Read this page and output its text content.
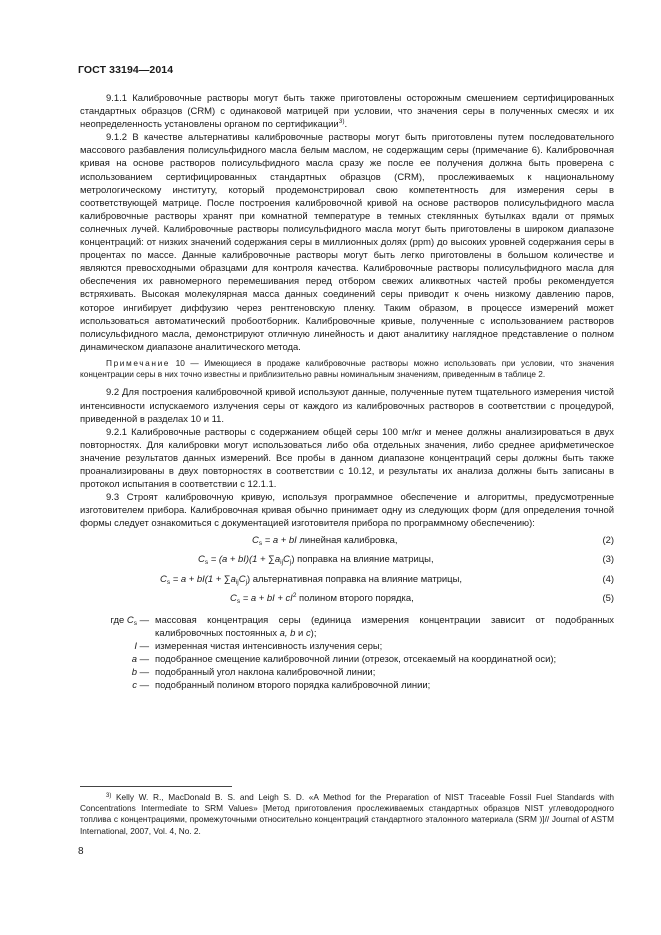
ГОСТ 33194—2014

9.1.1 Калибровочные растворы могут быть также приготовлены осторожным смешением сертифицированных стандартных образцов (CRM) с одинаковой матрицей при условии, что значения серы в полученных смесях и их неопределенность установлены органом по сертификации$^{3)}$.

9.1.2 В качестве альтернативы калибровочные растворы могут быть приготовлены путем последовательного массового разбавления полисульфидного масла белым маслом, не содержащим серы (примечание 6). Калибровочная кривая на основе растворов полисульфидного масла сразу же после ее получения должна быть проверена с использованием сертифицированных стандартных образцов (CRM), прослеживаемых к национальному метрологическому институту, который продемонстрировал свою компетентность для измерения серы в соответствующей матрице. После построения калибровочной кривой на основе растворов полисульфидного масла калибровочные растворы хранят при комнатной температуре в темных стеклянных бутылках вдали от прямых солнечных лучей. Калибровочные растворы полисульфидного масла могут быть приготовлены в широком диапазоне концентраций: от низких значений содержания серы в миллионных долях (ppm) до высоких уровней содержания серы в процентах по массе. Данные калибровочные растворы могут быть легко приготовлены в большом количестве и являются превосходными образцами для контроля качества. Калибровочные растворы полисульфидного масла для обеспечения их равномерного перемешивания перед отбором свежих аликвотных частей пробы рекомендуется встряхивать. Высокая молекулярная масса данных соединений серы приводит к очень низкому давлению паров, которое ингибирует диффузию через рентгеновскую пленку. Таким образом, в процессе измерений может использоваться автоматический пробоотборник. Калибровочные кривые, полученные с использованием растворов полисульфидного масла, демонстрируют отличную линейность и дают аналитику наглядное представление о полном динамическом диапазоне аналитического метода.

Примечание 10 — Имеющиеся в продаже калибровочные растворы можно использовать при условии, что значения концентрации серы в них точно известны и приблизительно равны номинальным значениям, приведенным в таблице 2.

9.2 Для построения калибровочной кривой используют данные, полученные путем тщательного измерения чистой интенсивности испускаемого излучения серы от каждого из калибровочных растворов в соответствии с процедурой, приведенной в разделах 10 и 11.

9.2.1 Калибровочные растворы с содержанием общей серы 100 мг/кг и менее должны анализироваться в двух повторностях. Для калибровки могут использоваться либо оба отдельных значения, либо среднее арифметическое значение результатов данных измерений. Все пробы в данном диапазоне концентраций серы должны быть также проанализированы в двух повторностях в соответствии с 10.12, и результаты их анализа должны быть записаны в протокол испытания в соответствии с 12.1.1.

9.3 Строят калибровочную кривую, используя программное обеспечение и алгоритмы, предусмотренные изготовителем прибора. Калибровочная кривая обычно принимает одну из следующих форм (для определения точной формы следует ознакомиться с документацией изготовителя прибора по программному обеспечению):

$C_s = a$ + bI линейная калибровка,	(2)
$C_s = (a + bI)(1 + \sum a_{ij}C_j)$ поправка на влияние матрицы,	(3)
$C_s = a + bI(1 + \sum a_{ij}C_j)$ альтернативная поправка на влияние матрицы,	(4)
$C_s = a$ + bI + $cI^2$ полином второго порядка,	(5)
где $C_s$ — массовая концентрация серы (единица измерения концентрации зависит от подобранных калибровочных постоянных a, b и c);
I — измеренная чистая интенсивность излучения серы;
a — подобранное смещение калибровочной линии (отрезок, отсекаемый на координатной оси);
b — подобранный угол наклона калибровочной линии;
c — подобранный полином второго порядка калибровочной линии;
$^{3)}$ Kelly W. R., MacDonald B. S. and Leigh S. D. «A Method for the Preparation of NIST Traceable Fossil Fuel Standards with Concentrations Intermediate to SRM Values» [Метод приготовления прослеживаемых стандартных образцов NIST углеводородного топлива с концентрациями, промежуточными относительно концентраций стандартного эталонного материала (SRM )]// Journal of ASTM International, 2007, Vol. 4, No. 2.
8
